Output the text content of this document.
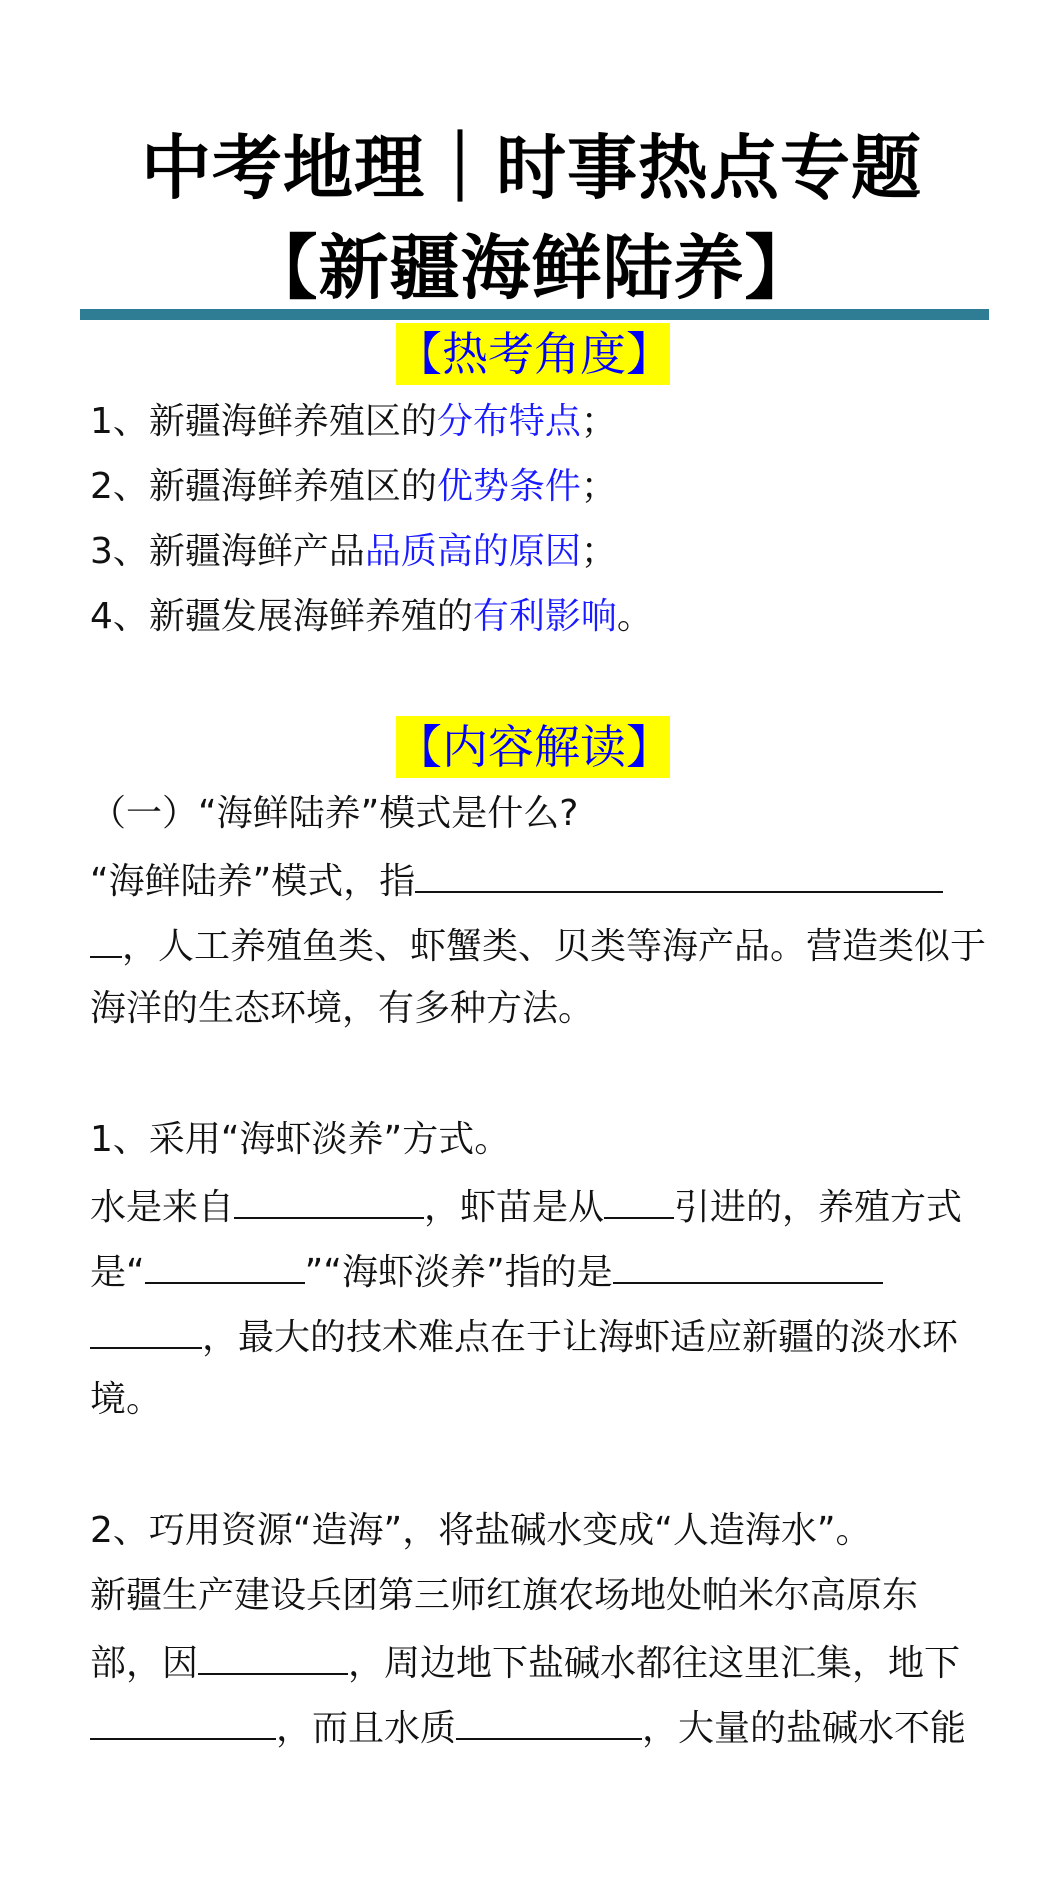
中考地理｜时事热点专题
【新疆海鲜陆养】
【热考角度】
1、新疆海鲜养殖区的分布特点；
2、新疆海鲜养殖区的优势条件；
3、新疆海鲜产品品质高的原因；
4、新疆发展海鲜养殖的有利影响。
【内容解读】
（一）“海鲜陆养”模式是什么?
“海鲜陆养”模式，指
，人工养殖鱼类、虾蟹类、贝类等海产品。营造类似于
海洋的生态环境，有多种方法。
1、采用“海虾淡养”方式。
水是来自	，虾苗是从 引进的，养殖方式
是“	”“海虾淡养”指的是
，最大的技术难点在于让海虾适应新疆的淡水环
境。
2、巧用资源“造海”，将盐碱水变成“人造海水”。
新疆生产建设兵团第三师红旗农场地处帕米尔高原东
部，因	，周边地下盐碱水都往这里汇集，地下
，而且水质	，大量的盐碱水不能
